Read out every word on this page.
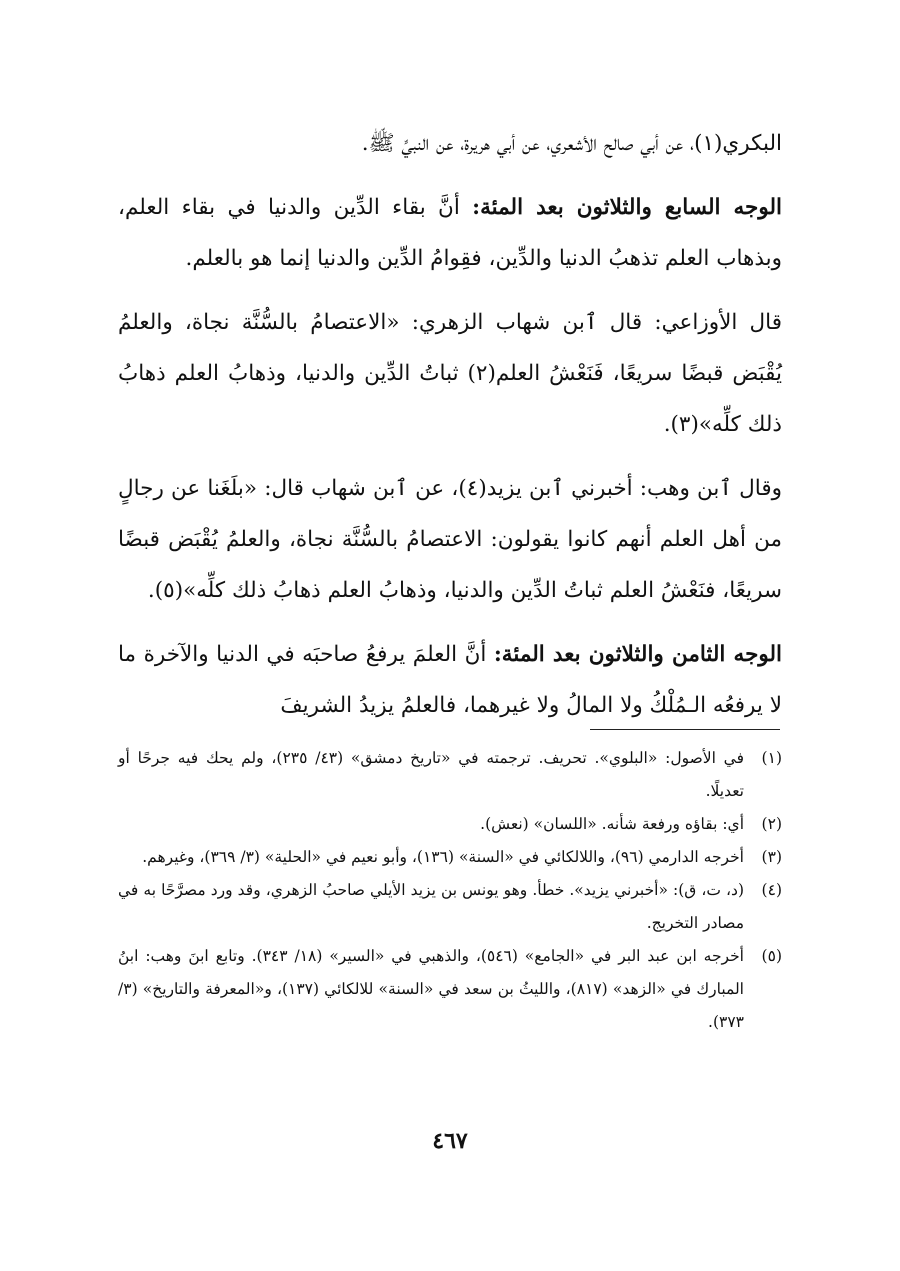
البكري(١)، عن أبي صالح الأشعري، عن أبي هريرة، عن النبيِّ ﷺ.

الوجه السابع والثلاثون بعد المئة: أنَّ بقاء الدِّين والدنيا في بقاء العلم، وبذهاب العلم تذهبُ الدنيا والدِّين، فقِوامُ الدِّين والدنيا إنما هو بالعلم.

قال الأوزاعي: قال ٱبن شهاب الزهري: «الاعتصامُ بالسُّنَّة نجاة، والعلمُ يُقْبَض قبضًا سريعًا، فَنَعْشُ العلم(٢) ثباتُ الدِّين والدنيا، وذهابُ العلم ذهابُ ذلك كلِّه»(٣).

وقال ٱبن وهب: أخبرني ٱبن يزيد(٤)، عن ٱبن شهاب قال: «بلَغَنا عن رجالٍ من أهل العلم أنهم كانوا يقولون: الاعتصامُ بالسُّنَّة نجاة، والعلمُ يُقْبَض قبضًا سريعًا، فنَعْشُ العلم ثباتُ الدِّين والدنيا، وذهابُ العلم ذهابُ ذلك كلِّه»(٥).

الوجه الثامن والثلاثون بعد المئة: أنَّ العلمَ يرفعُ صاحبَه في الدنيا والآخرة ما لا يرفعُه الـمُلْكُ ولا المالُ ولا غيرهما، فالعلمُ يزيدُ الشريفَ

(١)
في الأصول: «البلوي». تحريف. ترجمته في «تاريخ دمشق» (٤٣/ ٢٣٥)، ولم يحك فيه جرحًا أو تعديلًا.
(٢)
أي: بقاؤه ورفعة شأنه. «اللسان» (نعش).
(٣)
أخرجه الدارمي (٩٦)، واللالكائي في «السنة» (١٣٦)، وأبو نعيم في «الحلية» (٣/ ٣٦٩)، وغيرهم.
(٤)
(د، ت، ق): «أخبرني يزيد». خطأ. وهو يونس بن يزيد الأيلي صاحبُ الزهري، وقد ورد مصرَّحًا به في مصادر التخريج.
(٥)
أخرجه ابن عبد البر في «الجامع» (٥٤٦)، والذهبي في «السير» (١٨/ ٣٤٣). وتابع ابنَ وهب: ابنُ المبارك في «الزهد» (٨١٧)، والليثُ بن سعد في «السنة» للالكائي (١٣٧)، و«المعرفة والتاريخ» (٣/ ٣٧٣).
٤٦٧
